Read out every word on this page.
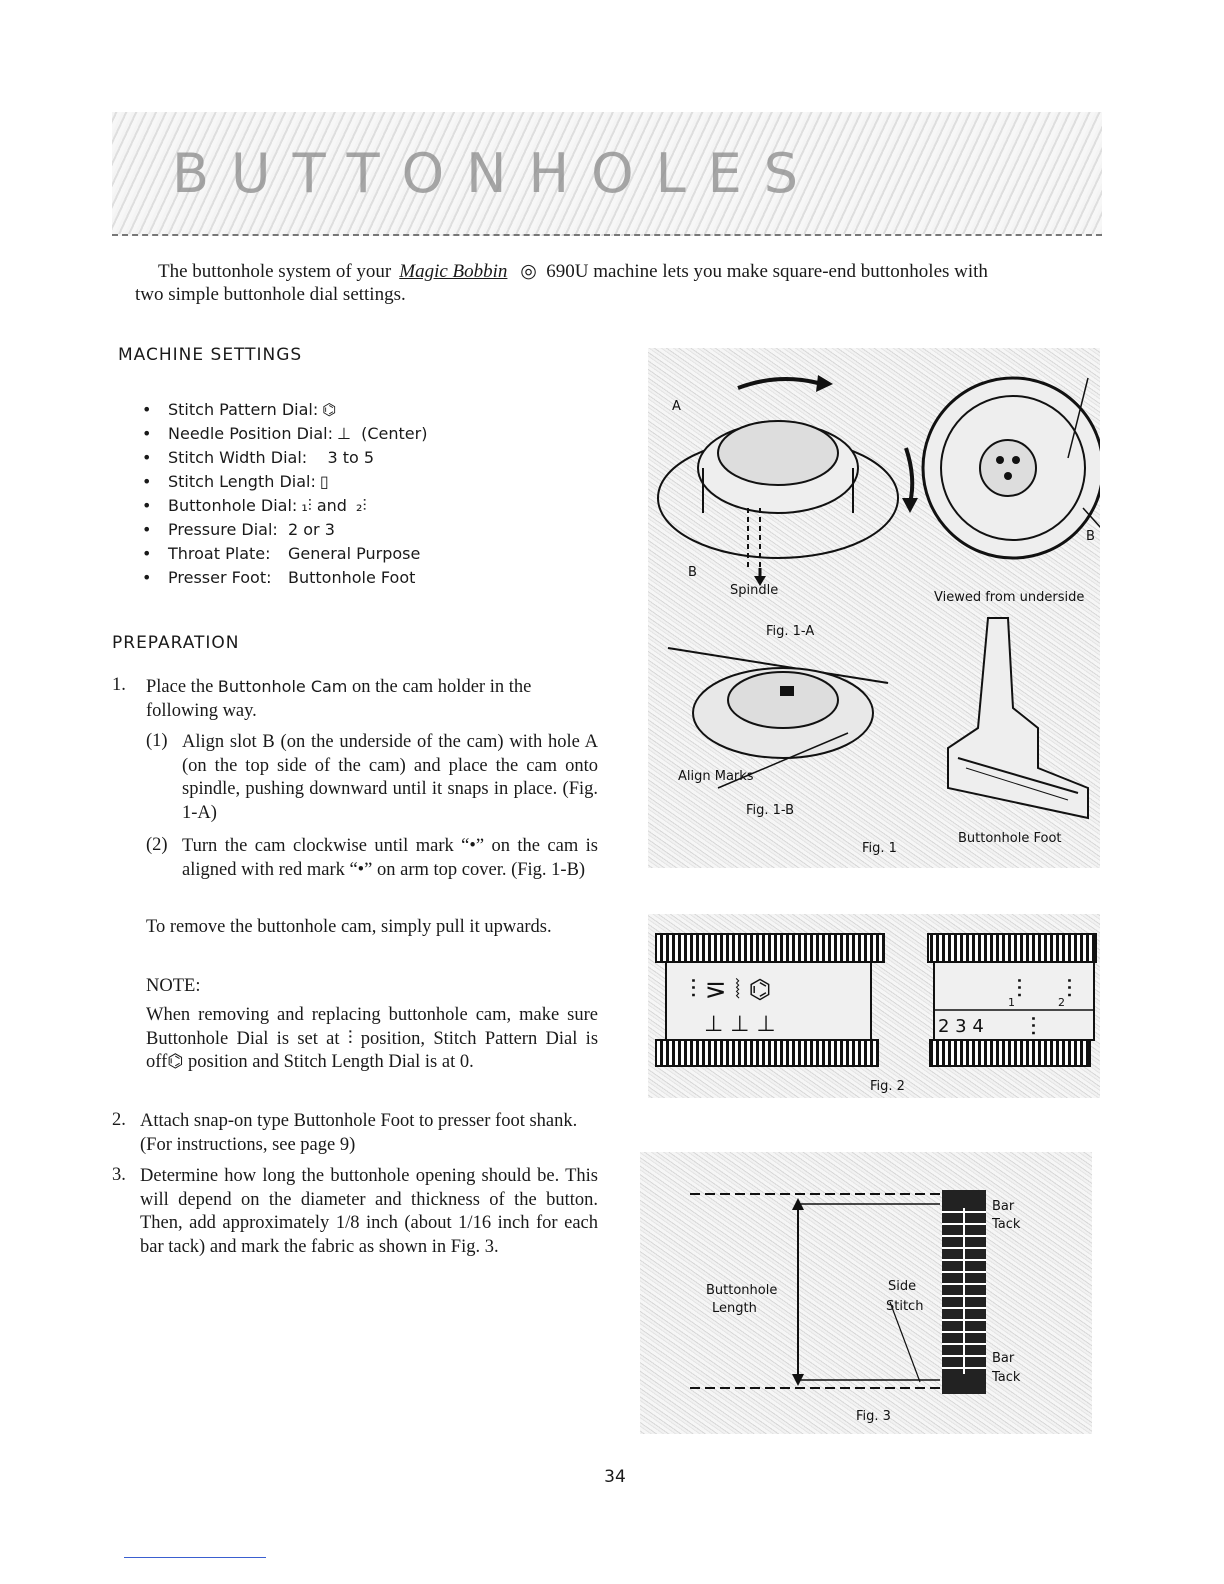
BUTTONHOLES
The buttonhole system of your Magic Bobbin ◎ 690U machine lets you make square-end buttonholes with
two simple buttonhole dial settings.
MACHINE SETTINGS
• Stitch Pattern Dial: ⌬
• Needle Position Dial: ⊥ (Center)
• Stitch Width Dial: 3 to 5
• Stitch Length Dial: ▯
• Buttonhole Dial: ₁⫶ and ₂⫶
• Pressure Dial: 2 or 3
• Throat Plate: General Purpose
• Presser Foot: Buttonhole Foot
PREPARATION
1. Place the Buttonhole Cam on the cam holder in the following way.
(1) Align slot B (on the underside of the cam) with hole A (on the top side of the cam) and place the cam onto spindle, pushing downward until it snaps in place. (Fig. 1-A)
(2) Turn the cam clockwise until mark “•” on the cam is aligned with red mark “•” on arm top cover. (Fig. 1-B)
To remove the buttonhole cam, simply pull it upwards.
NOTE:
When removing and replacing buttonhole cam, make sure Buttonhole Dial is set at ⫶ position, Stitch Pattern Dial is off⌬ position and Stitch Length Dial is at 0.
2. Attach snap-on type Buttonhole Foot to presser foot shank. (For instructions, see page 9)
3. Determine how long the buttonhole opening should be. This will depend on the diameter and thickness of the button. Then, add approximately 1/8 inch (about 1/16 inch for each bar tack) and mark the fabric as shown in Fig. 3.
A
B
B
Spindle	Viewed from underside
Fig. 1-A
Align Marks
Fig. 1-B
Buttonhole Foot
Fig. 1
⫶ ⋝ ⦚ ⌬
⊥ ⊥ ⊥
⫶
1 ⫶
2
2 3 4 ⫶
Fig. 2
Bar
Tack
Buttonhole
Length
Side
Stitch
Bar
Tack
Fig. 3
34
